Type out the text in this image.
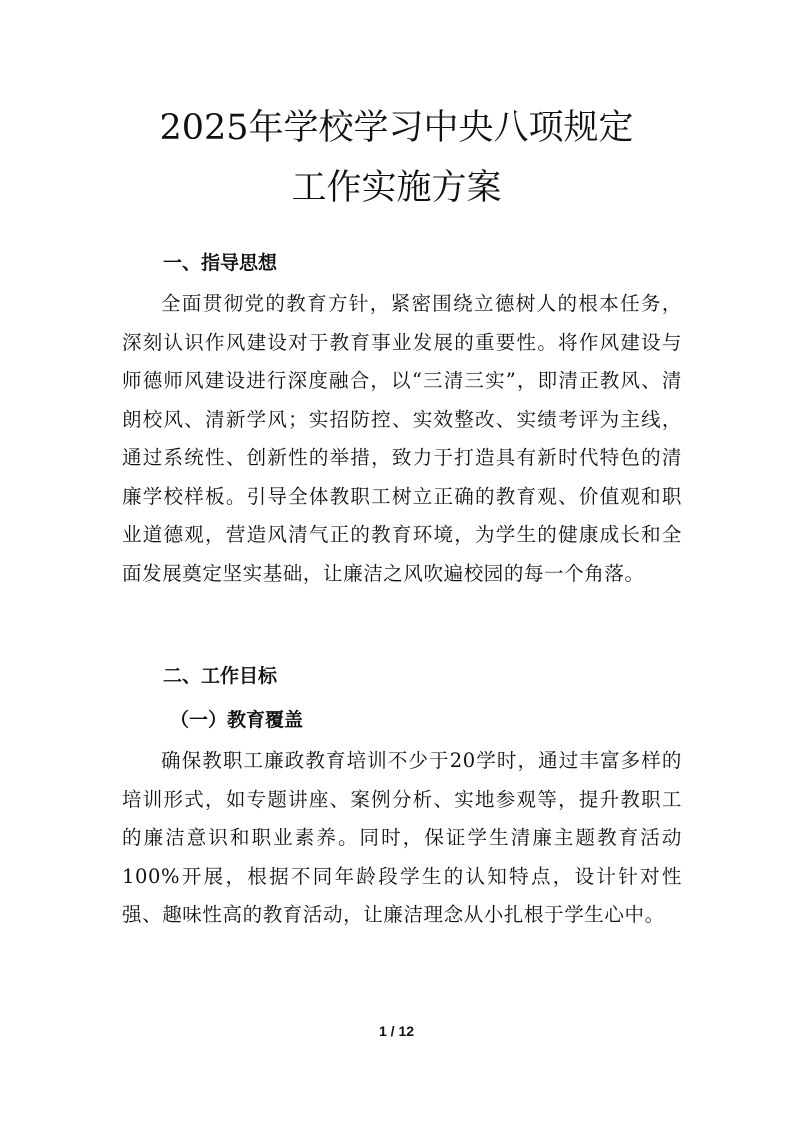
2025年学校学习中央八项规定
工作实施方案
一、指导思想

全面贯彻党的教育方针，紧密围绕立德树人的根本任务，深刻认识作风建设对于教育事业发展的重要性。将作风建设与师德师风建设进行深度融合，以“三清三实”，即清正教风、清朗校风、清新学风；实招防控、实效整改、实绩考评为主线，通过系统性、创新性的举措，致力于打造具有新时代特色的清廉学校样板。引导全体教职工树立正确的教育观、价值观和职业道德观，营造风清气正的教育环境，为学生的健康成长和全面发展奠定坚实基础，让廉洁之风吹遍校园的每一个角落。

二、工作目标
（一）教育覆盖

确保教职工廉政教育培训不少于20学时，通过丰富多样的培训形式，如专题讲座、案例分析、实地参观等，提升教职工的廉洁意识和职业素养。同时，保证学生清廉主题教育活动100%开展，根据不同年龄段学生的认知特点，设计针对性强、趣味性高的教育活动，让廉洁理念从小扎根于学生心中。

1 / 12
